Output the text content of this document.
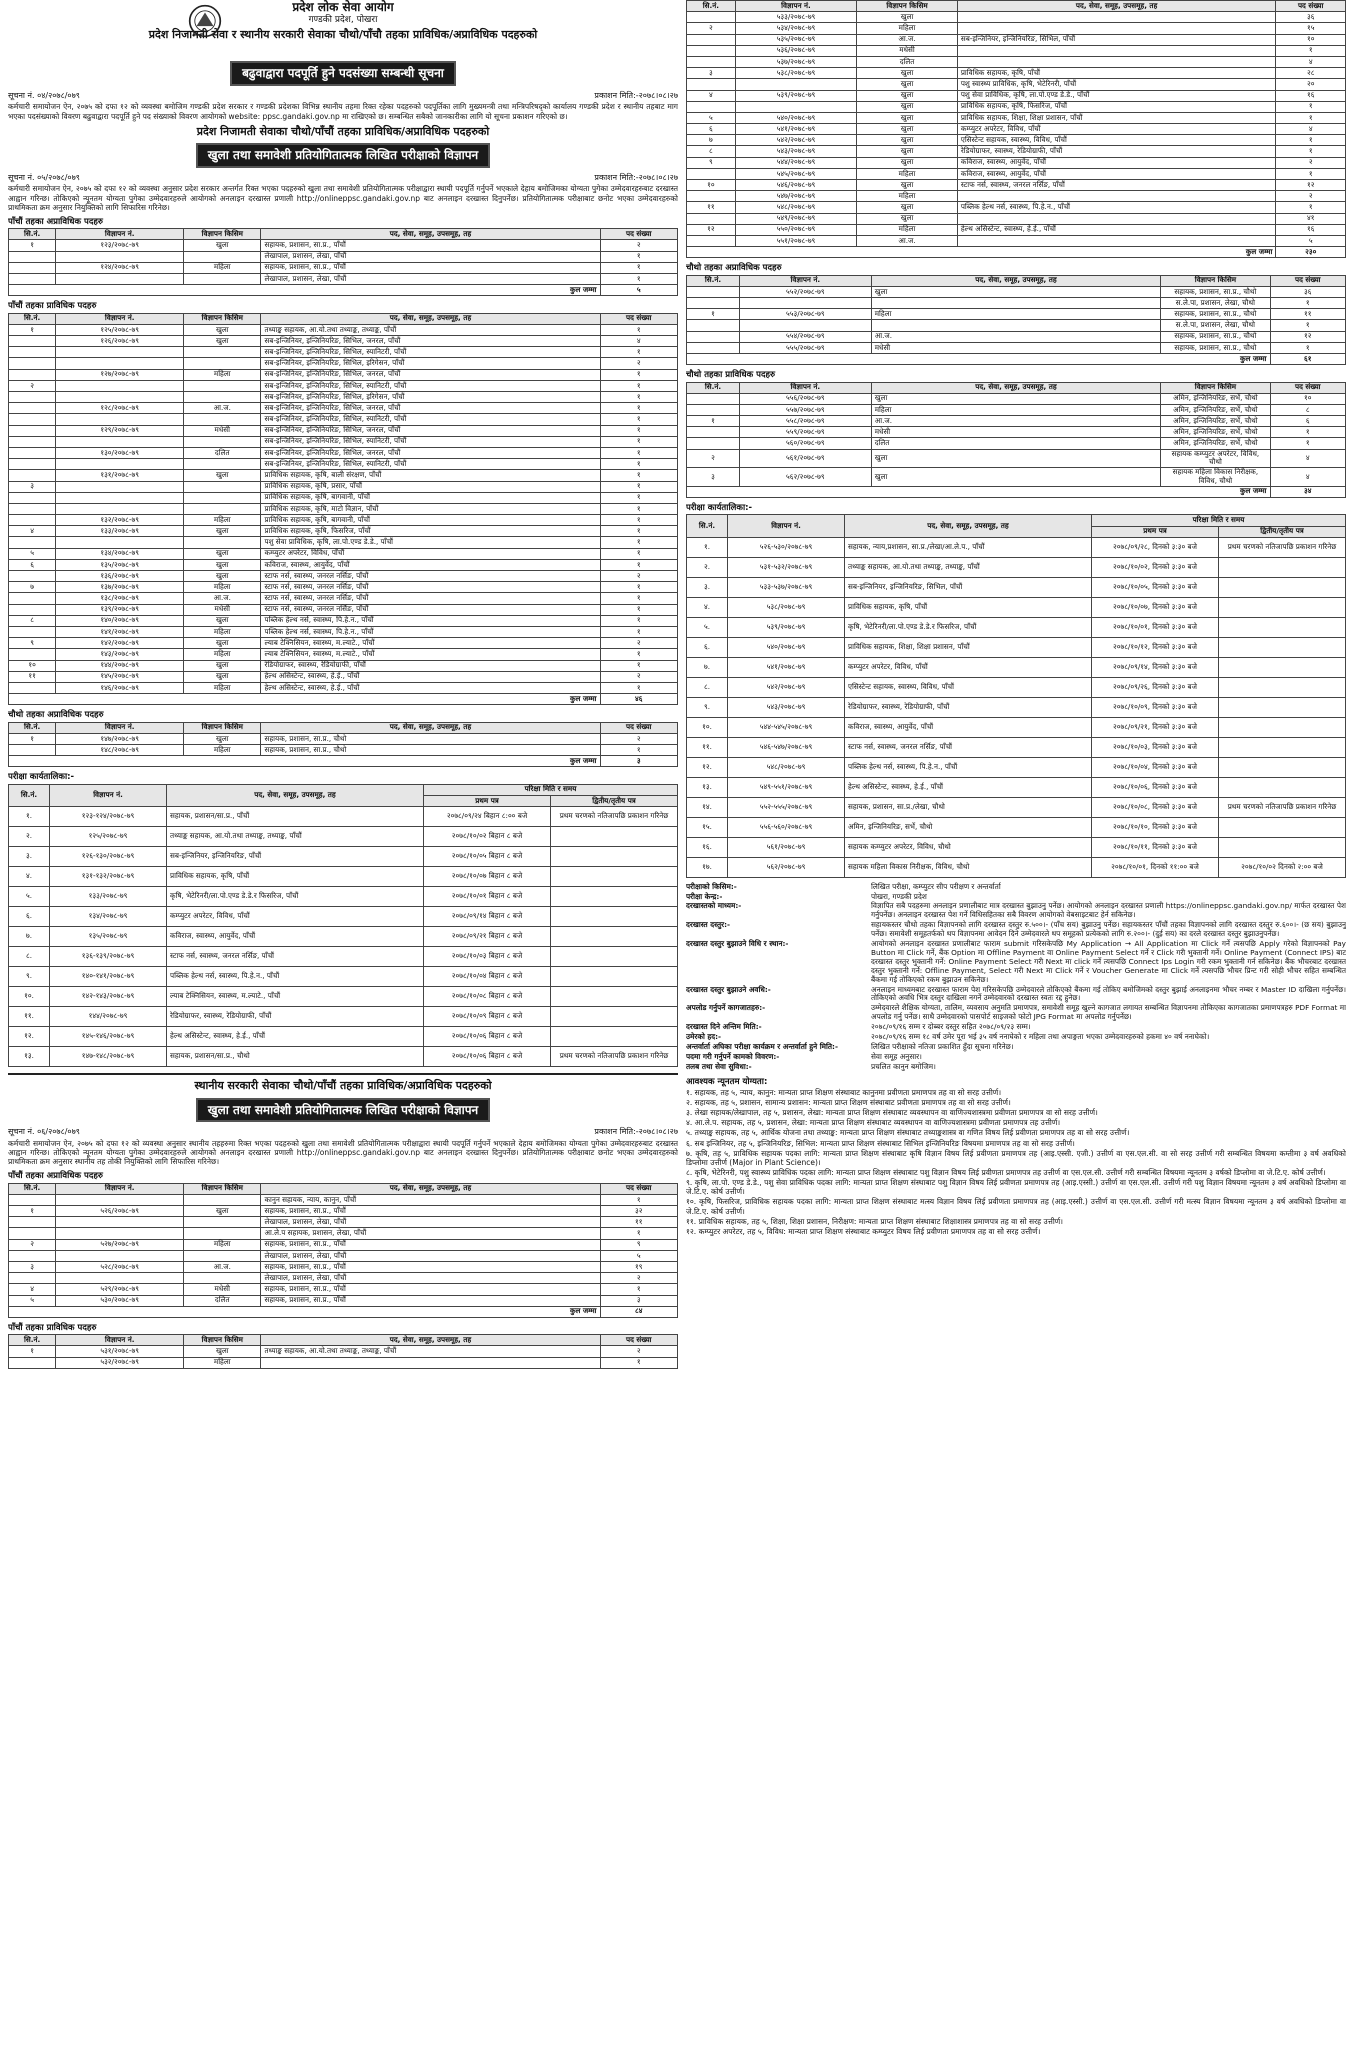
प्रदेश लोक सेवा आयोग
गण्डकी प्रदेश, पोखरा
प्रदेश निजामती सेवा र स्थानीय सरकारी सेवाका चौथो/पाँचौ तहका प्राविधिक/अप्राविधिक पदहरुको
बढुवाद्वारा पदपूर्ति हुने पदसंख्या सम्बन्धी सूचना
सूचना नं. ०४/२०७८/०७९	प्रकाशन मिति:-२०७८।०८।२७
कर्मचारी समायोजन ऐन, २०७५ को दफा १२ को व्यवस्था बमोजिम गण्डकी प्रदेश सरकार र गण्डकी प्रदेशका विभिन्न स्थानीय तहमा रिक्त रहेका पदहरुको पदपूर्तिका लागि मुख्यमन्त्री तथा मन्त्रिपरिषद्को कार्यालय गण्डकी प्रदेश र स्थानीय तहबाट माग भएका पदसंख्याको विवरण बढुवाद्वारा पदपूर्ति हुने पद संख्याको विवरण आयोगको website: ppsc.gandaki.gov.np मा राखिएको छ। सम्बन्धित सबैको जानकारीका लागि यो सूचना प्रकाशन गरिएको छ।
प्रदेश निजामती सेवाका चौथो/पाँचौं तहका प्राविधिक/अप्राविधिक पदहरुको
खुला तथा समावेशी प्रतियोगितात्मक लिखित परीक्षाको विज्ञापन
सूचना नं. ०५/२०७८/०७९	प्रकाशन मिति:-२०७८।०८।२७
कर्मचारी समायोजन ऐन, २०७५ को दफा १२ को व्यवस्था अनुसार प्रदेश सरकार अन्तर्गत रिक्त भएका पदहरुको खुला तथा समावेशी प्रतियोगितात्मक परीक्षाद्वारा स्थायी पदपूर्ति गर्नुपर्ने भएकाले देहाय बमोजिमका योग्यता पुगेका उम्मेदवारहरुबाट दरखास्त आह्वान गरिन्छ। तोकिएको न्यूनतम योग्यता पुगेका उम्मेदवारहरुले आयोगको अनलाइन दरखास्त प्रणाली http://onlineppsc.gandaki.gov.np बाट अनलाइन दरखास्त दिनुपर्नेछ। प्रतियोगितात्मक परीक्षाबाट छनोट भएका उम्मेदवारहरुको प्राथमिकता क्रम अनुसार नियुक्तिको लागि सिफारिस गरिनेछ।
पाँचौं तहका अप्राविधिक पदहरु
सि.नं.	विज्ञापन नं.	विज्ञापन किसिम	पद, सेवा, समूह, उपसमूह, तह	पद संख्या
१	१२३/२०७८-७९	खुला	सहायक, प्रशासन, सा.प्र., पाँचौं	२
			लेखापाल, प्रशासन, लेखा, पाँचौं	१
	१२४/२०७८-७९	महिला	सहायक, प्रशासन, सा.प्र., पाँचौं	१
			लेखापाल, प्रशासन, लेखा, पाँचौं	१
कुल जम्मा				५
पाँचौं तहका प्राविधिक पदहरु
सि.नं.	विज्ञापन नं.	विज्ञापन किसिम	पद, सेवा, समूह, उपसमूह, तह	पद संख्या
१	१२५/२०७८-७९	खुला	तथ्याङ्क सहायक, आ.यो.तथा तथ्याङ्क, तथ्याङ्क, पाँचौं	१
	१२६/२०७८-७९	खुला	सब-इन्जिनियर, इन्जिनियरिङ, सिभिल, जनरल, पाँचौं	४
			सब-इन्जिनियर, इन्जिनियरिङ, सिभिल, स्यानिटरी, पाँचौं	१
			सब-इन्जिनियर, इन्जिनियरिङ, सिभिल, इरिगेसन, पाँचौं	२
	१२७/२०७८-७९	महिला	सब-इन्जिनियर, इन्जिनियरिङ, सिभिल, जनरल, पाँचौं	१
२			सब-इन्जिनियर, इन्जिनियरिङ, सिभिल, स्यानिटरी, पाँचौं	१
			सब-इन्जिनियर, इन्जिनियरिङ, सिभिल, इरिगेसन, पाँचौं	१
	१२८/२०७८-७९	आ.ज.	सब-इन्जिनियर, इन्जिनियरिङ, सिभिल, जनरल, पाँचौं	१
			सब-इन्जिनियर, इन्जिनियरिङ, सिभिल, स्यानिटरी, पाँचौं	१
	१२९/२०७८-७९	मधेसी	सब-इन्जिनियर, इन्जिनियरिङ, सिभिल, जनरल, पाँचौं	१
			सब-इन्जिनियर, इन्जिनियरिङ, सिभिल, स्यानिटरी, पाँचौं	१
	१३०/२०७८-७९	दलित	सब-इन्जिनियर, इन्जिनियरिङ, सिभिल, जनरल, पाँचौं	१
			सब-इन्जिनियर, इन्जिनियरिङ, सिभिल, स्यानिटरी, पाँचौं	१
	१३१/२०७८-७९	खुला	प्राविधिक सहायक, कृषि, बाली संरक्षण, पाँचौं	१
३			प्राविधिक सहायक, कृषि, प्रसार, पाँचौं	१
			प्राविधिक सहायक, कृषि, बागवानी, पाँचौं	१
			प्राविधिक सहायक, कृषि, माटो विज्ञान, पाँचौं	१
	१३२/२०७८-७९	महिला	प्राविधिक सहायक, कृषि, बागवानी, पाँचौं	१
४	१३३/२०७८-७९	खुला	प्राविधिक सहायक, कृषि, फिसरिज, पाँचौं	१
			पशु सेवा प्राविधिक, कृषि, ला.पो.एण्ड डे.डे., पाँचौं	१
५	१३४/२०७८-७९	खुला	कम्प्युटर अपरेटर, विविध, पाँचौं	१
६	१३५/२०७८-७९	खुला	कविराज, स्वास्थ्य, आयुर्वेद, पाँचौं	१
	१३६/२०७८-७९	खुला	स्टाफ नर्स, स्वास्थ्य, जनरल नर्सिङ, पाँचौं	२
७	१३७/२०७८-७९	महिला	स्टाफ नर्स, स्वास्थ्य, जनरल नर्सिङ, पाँचौं	१
	१३८/२०७८-७९	आ.ज.	स्टाफ नर्स, स्वास्थ्य, जनरल नर्सिङ, पाँचौं	१
	१३९/२०७८-७९	मधेसी	स्टाफ नर्स, स्वास्थ्य, जनरल नर्सिङ, पाँचौं	१
८	१४०/२०७८-७९	खुला	पब्लिक हेल्थ नर्स, स्वास्थ्य, पि.हे.न., पाँचौं	१
	१४१/२०७८-७९	महिला	पब्लिक हेल्थ नर्स, स्वास्थ्य, पि.हे.न., पाँचौं	१
९	१४२/२०७८-७९	खुला	ल्याब टेक्निसियन, स्वास्थ्य, म.ल्याटे., पाँचौं	२
	१४३/२०७८-७९	महिला	ल्याब टेक्निसियन, स्वास्थ्य, म.ल्याटे., पाँचौं	१
१०	१४४/२०७८-७९	खुला	रेडियोग्राफर, स्वास्थ्य, रेडियोग्राफी, पाँचौं	१
११	१४५/२०७८-७९	खुला	हेल्थ असिस्टेन्ट, स्वास्थ्य, हे.ई., पाँचौं	२
	१४६/२०७८-७९	महिला	हेल्थ असिस्टेन्ट, स्वास्थ्य, हे.ई., पाँचौं	१
कुल जम्मा				४६
चौथो तहका अप्राविधिक पदहरु
सि.नं.	विज्ञापन नं.	विज्ञापन किसिम	पद, सेवा, समूह, उपसमूह, तह	पद संख्या
१	१४७/२०७८-७९	खुला	सहायक, प्रशासन, सा.प्र., चौथो	२
	१४८/२०७८-७९	महिला	सहायक, प्रशासन, सा.प्र., चौथो	१
कुल जम्मा				३
परीक्षा कार्यतालिका:-
सि.नं.	विज्ञापन नं.	पद, सेवा, समूह, उपसमूह, तह	परिक्षा मिति र समय	
			प्रथम पत्र	द्वितीय/तृतीय पत्र
१.	१२३-१२४/२०७८-७९	सहायक, प्रशासन/सा.प्र., पाँचौं	२०७८/०९/२४ बिहान ८:०० बजे	प्रथम चरणको नतिजापछि प्रकाशन गरिनेछ
२.	१२५/२०७८-७९	तथ्याङ्क सहायक, आ.यो.तथा तथ्याङ्क, तथ्याङ्क, पाँचौं	२०७८/१०/०२ बिहान ८ बजे	
३.	१२६-१३०/२०७८-७९	सब-इन्जिनियर, इन्जिनियरिङ, पाँचौं	२०७८/१०/०५ बिहान ८ बजे	
४.	१३१-१३२/२०७८-७९	प्राविधिक सहायक, कृषि, पाँचौं	२०७८/१०/०७ बिहान ८ बजे	
५.	१३३/२०७८-७९	कृषि, भेटेरिनरी/ला.पो.एण्ड डे.डे.र फिसरिज, पाँचौं	२०७८/१०/०१ बिहान ८ बजे	
६.	१३४/२०७८-७९	कम्प्युटर अपरेटर, विविध, पाँचौं	२०७८/०९/१४ बिहान ८ बजे	
७.	१३५/२०७८-७९	कविराज, स्वास्थ्य, आयुर्वेद, पाँचौं	२०७८/०९/२१ बिहान ८ बजे	
८.	१३६-१३९/२०७८-७९	स्टाफ नर्स, स्वास्थ्य, जनरल नर्सिङ, पाँचौं	२०७८/१०/०३ बिहान ८ बजे	
९.	१४०-१४१/२०७८-७९	पब्लिक हेल्थ नर्स, स्वास्थ्य, पि.हे.न., पाँचौं	२०७८/१०/०४ बिहान ८ बजे	
१०.	१४२-१४३/२०७८-७९	ल्याब टेक्निसियन, स्वास्थ्य, म.ल्याटे., पाँचौं	२०७८/१०/०८ बिहान ८ बजे	
११.	१४४/२०७८-७९	रेडियोग्राफर, स्वास्थ्य, रेडियोग्राफी, पाँचौं	२०७८/१०/०९ बिहान ८ बजे	
१२.	१४५-१४६/२०७८-७९	हेल्थ असिस्टेन्ट, स्वास्थ्य, हे.ई., पाँचौं	२०७८/१०/०६ बिहान ८ बजे	
१३.	१४७-१४८/२०७८-७९	सहायक, प्रशासन/सा.प्र., चौथो	२०७८/१०/०६ बिहान ८ बजे	प्रथम चरणको नतिजापछि प्रकाशन गरिनेछ
स्थानीय सरकारी सेवाका चौथो/पाँचौं तहका प्राविधिक/अप्राविधिक पदहरुको
खुला तथा समावेशी प्रतियोगितात्मक लिखित परीक्षाको विज्ञापन
सूचना नं. ०६/२०७८/०७९	प्रकाशन मिति:-२०७८।०८।२७
कर्मचारी समायोजन ऐन, २०७५ को दफा १२ को व्यवस्था अनुसार स्थानीय तहहरुमा रिक्त भएका पदहरुको खुला तथा समावेशी प्रतियोगितात्मक परीक्षाद्वारा स्थायी पदपूर्ति गर्नुपर्ने भएकाले देहाय बमोजिमका योग्यता पुगेका उम्मेदवारहरुबाट दरखास्त आह्वान गरिन्छ। तोकिएको न्यूनतम योग्यता पुगेका उम्मेदवारहरुले आयोगको अनलाइन दरखास्त प्रणाली http://onlineppsc.gandaki.gov.np बाट अनलाइन दरखास्त दिनुपर्नेछ। प्रतियोगितात्मक परीक्षाबाट छनोट भएका उम्मेदवारहरुको प्राथमिकता क्रम अनुसार स्थानीय तह तोकी नियुक्तिको लागि सिफारिस गरिनेछ।
पाँचौं तहका अप्राविधिक पदहरु
सि.नं.	विज्ञापन नं.	विज्ञापन किसिम	पद, सेवा, समूह, उपसमूह, तह	पद संख्या
			कानुन सहायक, न्याय, कानुन, पाँचौं	१
१	५२६/२०७८-७९	खुला	सहायक, प्रशासन, सा.प्र., पाँचौं	३२
			लेखापाल, प्रशासन, लेखा, पाँचौं	११
			आ.ले.प सहायक, प्रशासन, लेखा, पाँचौं	१
२	५२७/२०७८-७९	महिला	सहायक, प्रशासन, सा.प्र., पाँचौं	९
			लेखापाल, प्रशासन, लेखा, पाँचौं	५
३	५२८/२०७८-७९	आ.ज.	सहायक, प्रशासन, सा.प्र., पाँचौं	१९
			लेखापाल, प्रशासन, लेखा, पाँचौं	२
४	५२९/२०७८-७९	मधेसी	सहायक, प्रशासन, सा.प्र., पाँचौं	१
५	५३०/२०७८-७९	दलित	सहायक, प्रशासन, सा.प्र., पाँचौं	३
कुल जम्मा				८४
पाँचौं तहका प्राविधिक पदहरु
सि.नं.	विज्ञापन नं.	विज्ञापन किसिम	पद, सेवा, समूह, उपसमूह, तह	पद संख्या
१	५३१/२०७८-७९	खुला	तथ्याङ्क सहायक, आ.यो.तथा तथ्याङ्क, तथ्याङ्क, पाँचौं	२
	५३२/२०७८-७९	महिला		१
सि.नं.	विज्ञापन नं.	विज्ञापन किसिम	पद, सेवा, समूह, उपसमूह, तह	पद संख्या
	५३३/२०७८-७९	खुला		३६
२	५३४/२०७८-७९	महिला		१५
	५३५/२०७८-७९	आ.ज.	सब-इन्जिनियर, इन्जिनियरिङ, सिभिल, पाँचौं	१०
	५३६/२०७८-७९	मधेसी		१
	५३७/२०७८-७९	दलित		४
३	५३८/२०७८-७९	खुला	प्राविधिक सहायक, कृषि, पाँचौं	२८
		खुला	पशु स्वास्थ्य प्राविधिक, कृषि, भेटेरिनरी, पाँचौं	२०
४	५३९/२०७८-७९	खुला	पशु सेवा प्राविधिक, कृषि, ला.पो.एण्ड डे.डे., पाँचौं	१६
		खुला	प्राविधिक सहायक, कृषि, फिसरिज, पाँचौं	१
५	५४०/२०७८-७९	खुला	प्राविधिक सहायक, शिक्षा, शिक्षा प्रशासन, पाँचौं	१
६	५४१/२०७८-७९	खुला	कम्प्युटर अपरेटर, विविध, पाँचौं	४
७	५४२/२०७८-७९	खुला	एसिस्टेन्ट सहायक, स्वास्थ्य, विविध, पाँचौं	१
८	५४३/२०७८-७९	खुला	रेडियोग्राफर, स्वास्थ्य, रेडियोग्राफी, पाँचौं	१
९	५४४/२०७८-७९	खुला	कविराज, स्वास्थ्य, आयुर्वेद, पाँचौं	२
	५४५/२०७८-७९	महिला	कविराज, स्वास्थ्य, आयुर्वेद, पाँचौं	१
१०	५४६/२०७८-७९	खुला	स्टाफ नर्स, स्वास्थ्य, जनरल नर्सिङ, पाँचौं	१२
	५४७/२०७८-७९	महिला		२
११	५४८/२०७८-७९	खुला	पब्लिक हेल्थ नर्स, स्वास्थ्य, पि.हे.न., पाँचौं	१
	५४९/२०७८-७९	खुला		४१
१२	५५०/२०७८-७९	महिला	हेल्थ असिस्टेन्ट, स्वास्थ्य, हे.ई., पाँचौं	१६
	५५१/२०७८-७९	आ.ज.		५
कुल जम्मा				२३०
चौथो तहका अप्राविधिक पदहरु
सि.नं.	विज्ञापन नं.	पद, सेवा, समूह, उपसमूह, तह	विज्ञापन किसिम	पद संख्या
	५५२/२०७८-७९	खुला	सहायक, प्रशासन, सा.प्र., चौथो	३६
			स.ले.पा, प्रशासन, लेखा, चौथो	१
१	५५३/२०७८-७९	महिला	सहायक, प्रशासन, सा.प्र., चौथो	११
			स.ले.पा, प्रशासन, लेखा, चौथो	१
	५५४/२०७८-७९	आ.ज.	सहायक, प्रशासन, सा.प्र., चौथो	१२
	५५५/२०७८-७९	मधेसी	सहायक, प्रशासन, सा.प्र., चौथो	१
कुल जम्मा				६१
चौथो तहका प्राविधिक पदहरु
सि.नं.	विज्ञापन नं.	पद, सेवा, समूह, उपसमूह, तह	विज्ञापन किसिम	पद संख्या
	५५६/२०७८-७९	खुला	अमिन, इन्जिनियरिङ, सर्भे, चौथो	१०
	५५७/२०७८-७९	महिला	अमिन, इन्जिनियरिङ, सर्भे, चौथो	८
१	५५८/२०७८-७९	आ.ज.	अमिन, इन्जिनियरिङ, सर्भे, चौथो	६
	५५९/२०७८-७९	मधेसी	अमिन, इन्जिनियरिङ, सर्भे, चौथो	१
	५६०/२०७८-७९	दलित	अमिन, इन्जिनियरिङ, सर्भे, चौथो	१
२	५६१/२०७८-७९	खुला	सहायक कम्प्युटर अपरेटर, विविध, चौथो	४
३	५६२/२०७८-७९	खुला	सहायक महिला विकास निरीक्षक, विविध, चौथो	४
कुल जम्मा				३४
परीक्षा कार्यतालिका:-
सि.नं.	विज्ञापन नं.	पद, सेवा, समूह, उपसमूह, तह	परिक्षा मिति र समय	
			प्रथम पत्र	द्वितीय/तृतीय पत्र
१.	५२६-५३०/२०७८-७९	सहायक, न्याय,प्रशासन, सा.प्र./लेखा/आ.ले.प., पाँचौं	२०७८/०९/२८, दिनको ३:३० बजे	प्रथम चरणको नतिजापछि प्रकाशन गरिनेछ
२.	५३१-५३२/२०७८-७९	तथ्याङ्क सहायक, आ.यो.तथा तथ्याङ्क, तथ्याङ्क, पाँचौं	२०७८/१०/०२, दिनको ३:३० बजे	
३.	५३३-५३७/२०७८-७९	सब-इन्जिनियर, इन्जिनियरिङ, सिभिल, पाँचौं	२०७८/१०/०५, दिनको ३:३० बजे	
४.	५३८/२०७८-७९	प्राविधिक सहायक, कृषि, पाँचौं	२०७८/१०/०७, दिनको ३:३० बजे	
५.	५३९/२०७८-७९	कृषि, भेटेरिनरी/ला.पो.एण्ड डे.डे.र फिसरिज, पाँचौं	२०७८/१०/०१, दिनको ३:३० बजे	
६.	५४०/२०७८-७९	प्राविधिक सहायक, शिक्षा, शिक्षा प्रशासन, पाँचौं	२०७८/१०/१२, दिनको ३:३० बजे	
७.	५४१/२०७८-७९	कम्प्युटर अपरेटर, विविध, पाँचौं	२०७८/०९/१४, दिनको ३:३० बजे	
८.	५४२/२०७८-७९	एसिस्टेन्ट सहायक, स्वास्थ्य, विविध, पाँचौं	२०७८/०९/२६, दिनको ३:३० बजे	
९.	५४३/२०७८-७९	रेडियोग्राफर, स्वास्थ्य, रेडियोग्राफी, पाँचौं	२०७८/१०/०९, दिनको ३:३० बजे	
१०.	५४४-५४५/२०७८-७९	कविराज, स्वास्थ्य, आयुर्वेद, पाँचौं	२०७८/०९/२१, दिनको ३:३० बजे	
११.	५४६-५४७/२०७८-७९	स्टाफ नर्स, स्वास्थ्य, जनरल नर्सिङ, पाँचौं	२०७८/१०/०३, दिनको ३:३० बजे	
१२.	५४८/२०७८-७९	पब्लिक हेल्थ नर्स, स्वास्थ्य, पि.हे.न., पाँचौं	२०७८/१०/०४, दिनको ३:३० बजे	
१३.	५४९-५५१/२०७८-७९	हेल्थ असिस्टेन्ट, स्वास्थ्य, हे.ई., पाँचौं	२०७८/१०/०६, दिनको ३:३० बजे	
१४.	५५२-५५५/२०७८-७९	सहायक, प्रशासन, सा.प्र./लेखा, चौथो	२०७८/१०/०८, दिनको ३:३० बजे	प्रथम चरणको नतिजापछि प्रकाशन गरिनेछ
१५.	५५६-५६०/२०७८-७९	अमिन, इन्जिनियरिङ, सर्भे, चौथो	२०७८/१०/१०, दिनको ३:३० बजे	
१६.	५६१/२०७८-७९	सहायक कम्प्युटर अपरेटर, विविध, चौथो	२०७८/१०/११, दिनको ३:३० बजे	
१७.	५६२/२०७८-७९	सहायक महिला विकास निरीक्षक, विविध, चौथो	२०७८/१०/०१, दिनको ११:०० बजे	२०७८/१०/०२ दिनको २:०० बजे
परीक्षाको किसिम:-	लिखित परीक्षा, कम्प्युटर सीप परीक्षण र अन्तर्वार्ता
परीक्षा केन्द्र:-	पोखरा, गण्डकी प्रदेश
दरखास्तको माध्यम:-	विज्ञापित सबै पदहरुमा अनलाइन प्रणालीबाट मात्र दरखास्त बुझाउनु पर्नेछ। आयोगको अनलाइन दरखास्त प्रणाली https://onlineppsc.gandaki.gov.np/ मार्फत दरखास्त पेश गर्नुपर्नेछ। अनलाइन दरखास्त पेश गर्ने विधिसहितका सबै विवरण आयोगको वेबसाइटबाट हेर्न सकिनेछ।
दरखास्त दस्तुर:-	सहायकस्तर चौथो तहका विज्ञापनको लागि दरखास्त दस्तुर रु.५००।- (पाँच सय) बुझाउनु पर्नेछ। सहायकस्तर पाँचौं तहका विज्ञापनको लागि दरखास्त दस्तुर रु.६००।- (छ सय) बुझाउनु पर्नेछ। समावेशी समूहतर्फको थप विज्ञापनमा आवेदन दिने उम्मेदवारले थप समूहको प्रत्येकको लागि रु.२००।- (दुई सय) का दरले दरखास्त दस्तुर बुझाउनुपर्नेछ।
दरखास्त दस्तुर बुझाउने विधि र स्थान:-	आयोगको अनलाइन दरखास्त प्रणालीबाट फाराम submit गरिसकेपछि My Application → All Application मा Click गर्ने त्यसपछि Apply गरेको विज्ञापनको Pay Button मा Click गर्ने, बैंक Option मा Offline Payment वा Online Payment Select गर्ने र Click गरी भुक्तानी गर्ने। Online Payment (Connect IPS) बाट दरखास्त दस्तुर भुक्तानी गर्ने: Online Payment Select गरी Next मा click गर्ने त्यसपछि Connect Ips Login गरी रकम भुक्तानी गर्न सकिनेछ। बैंक भौचरबाट दरखास्त दस्तुर भुक्तानी गर्ने: Offline Payment, Select गरी Next मा Click गर्ने र Voucher Generate मा Click गर्ने त्यसपछि भौचर प्रिन्ट गरी सोही भौचर सहित सम्बन्धित बैंकमा गई तोकिएको रकम बुझाउन सकिनेछ।
दरखास्त दस्तुर बुझाउने अवधि:-	अनलाइन माध्यमबाट दरखास्त फाराम पेश गरिसकेपछि उम्मेदवारले तोकिएको बैंकमा गई तोकिए बमोजिमको दस्तुर बुझाई अनलाइनमा भौचर नम्बर र Master ID दाखिला गर्नुपर्नेछ। तोकिएको अवधि भित्र दस्तुर दाखिला नगर्ने उम्मेदवारको दरखास्त स्वतः रद्द हुनेछ।
अपलोड गर्नुपर्ने कागजातहरु:-	उम्मेदवारले शैक्षिक योग्यता, तालिम, व्यवसाय अनुमति प्रमाणपत्र, समावेशी समूह खुल्ने कागजात लगायत सम्बन्धित विज्ञापनमा तोकिएका कागजातका प्रमाणपत्रहरु PDF Format मा अपलोड गर्नु पर्नेछ। साथै उम्मेदवारको पासपोर्ट साइजको फोटो JPG Format मा अपलोड गर्नुपर्नेछ।
दरखास्त दिने अन्तिम मिति:-	२०७८/०९/१६ सम्म र दोब्बर दस्तुर सहित २०७८/०९/२३ सम्म।
उमेरको हद:-	२०७८/०९/१६ सम्म १८ वर्ष उमेर पूरा भई ३५ वर्ष ननाघेको र महिला तथा अपाङ्गता भएका उम्मेदवारहरुको हकमा ४० वर्ष ननाघेको।
अन्तर्वार्ता अघिका परीक्षा कार्यक्रम र अन्तर्वार्ता हुने मिति:-	लिखित परीक्षाको नतिजा प्रकाशित हुँदा सूचना गरिनेछ।
पदमा गरी गर्नुपर्ने कामको विवरण:-	सेवा समूह अनुसार।
तलब तथा सेवा सुविधा:-	प्रचलित कानुन बमोजिम।
आवश्यक न्यूनतम योग्यता:
१. सहायक, तह ५, न्याय, कानुन: मान्यता प्राप्त शिक्षण संस्थाबाट कानुनमा प्रवीणता प्रमाणपत्र तह वा सो सरह उत्तीर्ण।
२. सहायक, तह ५, प्रशासन, सामान्य प्रशासन: मान्यता प्राप्त शिक्षण संस्थाबाट प्रवीणता प्रमाणपत्र तह वा सो सरह उत्तीर्ण।
३. लेखा सहायक/लेखापाल, तह ५, प्रशासन, लेखा: मान्यता प्राप्त शिक्षण संस्थाबाट व्यवस्थापन वा वाणिज्यशास्त्रमा प्रवीणता प्रमाणपत्र वा सो सरह उत्तीर्ण।
४. आ.ले.प. सहायक, तह ५, प्रशासन, लेखा: मान्यता प्राप्त शिक्षण संस्थाबाट व्यवस्थापन वा वाणिज्यशास्त्रमा प्रवीणता प्रमाणपत्र तह उत्तीर्ण।
५. तथ्याङ्क सहायक, तह ५, आर्थिक योजना तथा तथ्याङ्क: मान्यता प्राप्त शिक्षण संस्थाबाट तथ्याङ्कशास्त्र वा गणित विषय लिई प्रवीणता प्रमाणपत्र तह वा सो सरह उत्तीर्ण।
६. सब इन्जिनियर, तह ५, इन्जिनियरिङ, सिभिल: मान्यता प्राप्त शिक्षण संस्थाबाट सिभिल इन्जिनियरिङ विषयमा प्रमाणपत्र तह वा सो सरह उत्तीर्ण।
७. कृषि, तह ५, प्राविधिक सहायक पदका लागि: मान्यता प्राप्त शिक्षण संस्थाबाट कृषि विज्ञान विषय लिई प्रवीणता प्रमाणपत्र तह (आइ.एस्सी. एजी.) उत्तीर्ण वा एस.एल.सी. वा सो सरह उत्तीर्ण गरी सम्बन्धित विषयमा कम्तीमा ३ वर्ष अवधिको डिप्लोमा उत्तीर्ण (Major in Plant Science)।
८. कृषि, भेटेरिनरी, पशु स्वास्थ्य प्राविधिक पदका लागि: मान्यता प्राप्त शिक्षण संस्थाबाट पशु विज्ञान विषय लिई प्रवीणता प्रमाणपत्र तह उत्तीर्ण वा एस.एल.सी. उत्तीर्ण गरी सम्बन्धित विषयमा न्यूनतम ३ वर्षको डिप्लोमा वा जे.टि.ए. कोर्ष उत्तीर्ण।
९. कृषि, ला.पो. एण्ड डे.डे., पशु सेवा प्राविधिक पदका लागि: मान्यता प्राप्त शिक्षण संस्थाबाट पशु विज्ञान विषय लिई प्रवीणता प्रमाणपत्र तह (आइ.एस्सी.) उत्तीर्ण वा एस.एल.सी. उत्तीर्ण गरी पशु विज्ञान विषयमा न्यूनतम ३ वर्ष अवधिको डिप्लोमा वा जे.टि.ए. कोर्ष उत्तीर्ण।
१०. कृषि, फिसरिज, प्राविधिक सहायक पदका लागि: मान्यता प्राप्त शिक्षण संस्थाबाट मत्स्य विज्ञान विषय लिई प्रवीणता प्रमाणपत्र तह (आइ.एस्सी.) उत्तीर्ण वा एस.एल.सी. उत्तीर्ण गरी मत्स्य विज्ञान विषयमा न्यूनतम ३ वर्ष अवधिको डिप्लोमा वा जे.टि.ए. कोर्ष उत्तीर्ण।
११. प्राविधिक सहायक, तह ५, शिक्षा, शिक्षा प्रशासन, निरीक्षण: मान्यता प्राप्त शिक्षण संस्थाबाट शिक्षाशास्त्र प्रमाणपत्र तह वा सो सरह उत्तीर्ण।
१२. कम्प्युटर अपरेटर, तह ५, विविध: मान्यता प्राप्त शिक्षण संस्थाबाट कम्प्युटर विषय लिई प्रवीणता प्रमाणपत्र तह वा सो सरह उत्तीर्ण।
